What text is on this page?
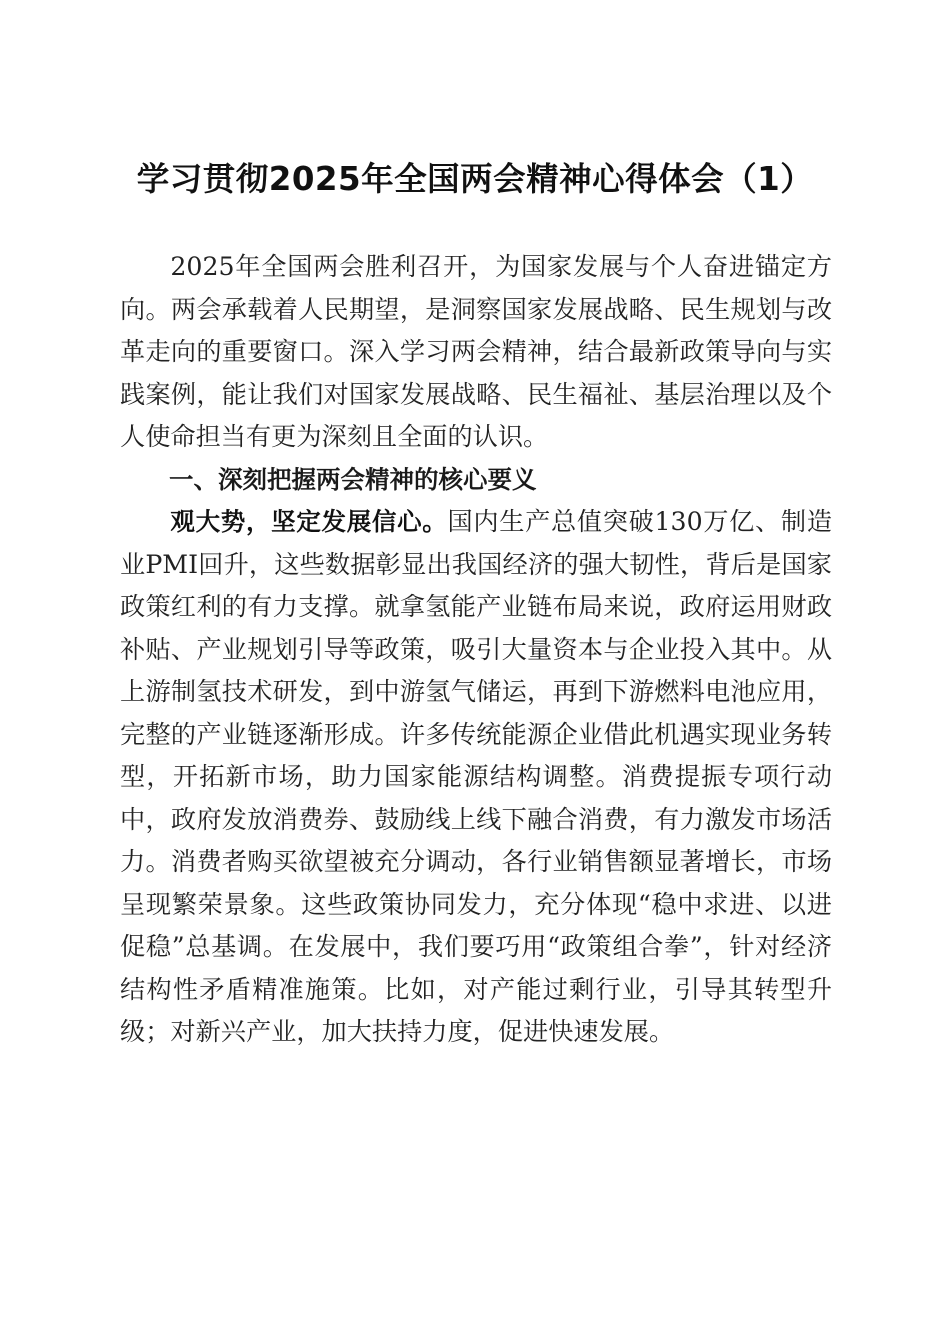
学习贯彻2025年全国两会精神心得体会（1）

2025年全国两会胜利召开，为国家发展与个人奋进锚定方向。两会承载着人民期望，是洞察国家发展战略、民生规划与改革走向的重要窗口。深入学习两会精神，结合最新政策导向与实践案例，能让我们对国家发展战略、民生福祉、基层治理以及个人使命担当有更为深刻且全面的认识。

一、深刻把握两会精神的核心要义

观大势，坚定发展信心。国内生产总值突破130万亿、制造业PMI回升，这些数据彰显出我国经济的强大韧性，背后是国家政策红利的有力支撑。就拿氢能产业链布局来说，政府运用财政补贴、产业规划引导等政策，吸引大量资本与企业投入其中。从上游制氢技术研发，到中游氢气储运，再到下游燃料电池应用，完整的产业链逐渐形成。许多传统能源企业借此机遇实现业务转型，开拓新市场，助力国家能源结构调整。消费提振专项行动中，政府发放消费券、鼓励线上线下融合消费，有力激发市场活力。消费者购买欲望被充分调动，各行业销售额显著增长，市场呈现繁荣景象。这些政策协同发力，充分体现“稳中求进、以进促稳”总基调。在发展中，我们要巧用“政策组合拳”，针对经济结构性矛盾精准施策。比如，对产能过剩行业，引导其转型升级；对新兴产业，加大扶持力度，促进快速发展。
